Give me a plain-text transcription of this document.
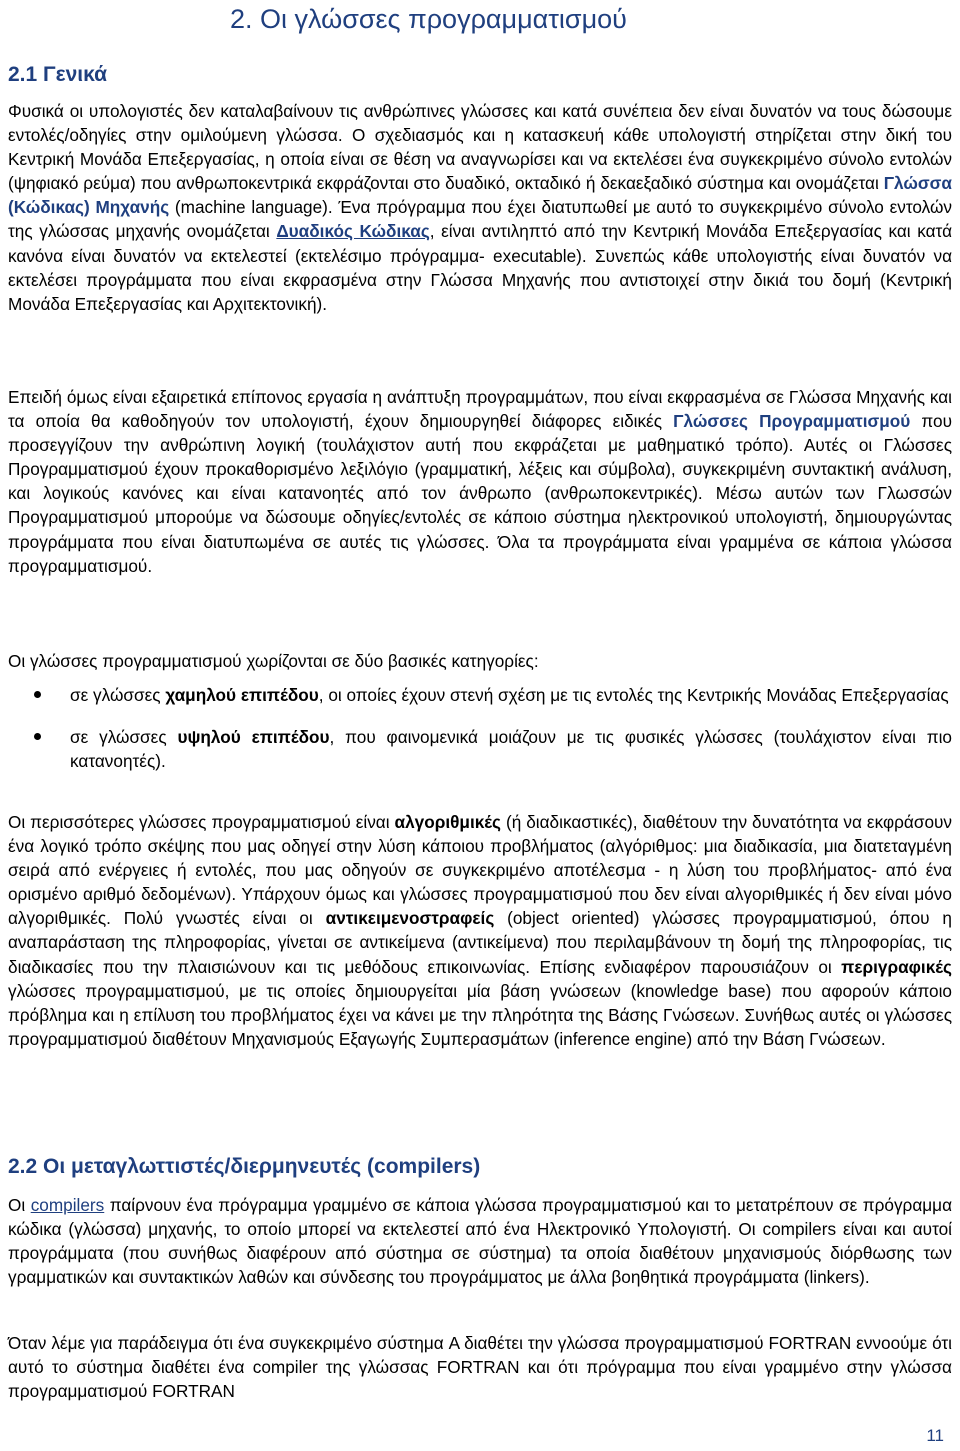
2. Οι γλώσσες προγραμματισμού
2.1 Γενικά

Φυσικά οι υπολογιστές δεν καταλαβαίνουν τις ανθρώπινες γλώσσες και κατά συνέπεια δεν είναι δυνατόν να τους δώσουμε εντολές/οδηγίες στην ομιλούμενη γλώσσα. Ο σχεδιασμός και η κατασκευή κάθε υπολογιστή στηρίζεται στην δική του Κεντρική Μονάδα Επεξεργασίας, η οποία είναι σε θέση να αναγνωρίσει και να εκτελέσει ένα συγκεκριμένο σύνολο εντολών (ψηφιακό ρεύμα) που ανθρωποκεντρικά εκφράζονται στο δυαδικό, οκταδικό ή δεκαεξαδικό σύστημα και ονομάζεται Γλώσσα (Κώδικας) Μηχανής (machine language). Ένα πρόγραμμα που έχει διατυπωθεί με αυτό το συγκεκριμένο σύνολο εντολών της γλώσσας μηχανής ονομάζεται Δυαδικός Κώδικας, είναι αντιληπτό από την Κεντρική Μονάδα Επεξεργασίας και κατά κανόνα είναι δυνατόν να εκτελεστεί (εκτελέσιμο πρόγραμμα- executable). Συνεπώς κάθε υπολογιστής είναι δυνατόν να εκτελέσει προγράμματα που είναι εκφρασμένα στην Γλώσσα Μηχανής που αντιστοιχεί στην δικιά του δομή (Κεντρική Μονάδα Επεξεργασίας και Αρχιτεκτονική).

Επειδή όμως είναι εξαιρετικά επίπονος εργασία η ανάπτυξη προγραμμάτων, που είναι εκφρασμένα σε Γλώσσα Μηχανής και τα οποία θα καθοδηγούν τον υπολογιστή, έχουν δημιουργηθεί διάφορες ειδικές Γλώσσες Προγραμματισμού που προσεγγίζουν την ανθρώπινη λογική (τουλάχιστον αυτή που εκφράζεται με μαθηματικό τρόπο). Αυτές οι Γλώσσες Προγραμματισμού έχουν προκαθορισμένο λεξιλόγιο (γραμματική, λέξεις και σύμβολα), συγκεκριμένη συντακτική ανάλυση, και λογικούς κανόνες και είναι κατανοητές από τον άνθρωπο (ανθρωποκεντρικές). Μέσω αυτών των Γλωσσών Προγραμματισμού μπορούμε να δώσουμε οδηγίες/εντολές σε κάποιο σύστημα ηλεκτρονικού υπολογιστή, δημιουργώντας προγράμματα που είναι διατυπωμένα σε αυτές τις γλώσσες. Όλα τα προγράμματα είναι γραμμένα σε κάποια γλώσσα προγραμματισμού.

Οι γλώσσες προγραμματισμού χωρίζονται σε δύο βασικές κατηγορίες:

σε γλώσσες χαμηλού επιπέδου, οι οποίες έχουν στενή σχέση με τις εντολές της Κεντρικής Μονάδας Επεξεργασίας
σε γλώσσες υψηλού επιπέδου, που φαινομενικά μοιάζουν με τις φυσικές γλώσσες (τουλάχιστον είναι πιο κατανοητές).

Οι περισσότερες γλώσσες προγραμματισμού είναι αλγοριθμικές (ή διαδικαστικές), διαθέτουν την δυνατότητα να εκφράσουν ένα λογικό τρόπο σκέψης που μας οδηγεί στην λύση κάποιου προβλήματος (αλγόριθμος: μια διαδικασία, μια διατεταγμένη σειρά από ενέργειες ή εντολές, που μας οδηγούν σε συγκεκριμένο αποτέλεσμα - η λύση του προβλήματος- από ένα ορισμένο αριθμό δεδομένων). Υπάρχουν όμως και γλώσσες προγραμματισμού που δεν είναι αλγοριθμικές ή δεν είναι μόνο αλγοριθμικές. Πολύ γνωστές είναι οι αντικειμενοστραφείς (object oriented) γλώσσες προγραμματισμού, όπου η αναπαράσταση της πληροφορίας, γίνεται σε αντικείμενα (αντικείμενα) που περιλαμβάνουν τη δομή της πληροφορίας, τις διαδικασίες που την πλαισιώνουν και τις μεθόδους επικοινωνίας. Επίσης ενδιαφέρον παρουσιάζουν οι περιγραφικές γλώσσες προγραμματισμού, με τις οποίες δημιουργείται μία βάση γνώσεων (knowledge base) που αφορούν κάποιο πρόβλημα και η επίλυση του προβλήματος έχει να κάνει με την πληρότητα της Βάσης Γνώσεων. Συνήθως αυτές οι γλώσσες προγραμματισμού διαθέτουν Μηχανισμούς Εξαγωγής Συμπερασμάτων (inference engine) από την Βάση Γνώσεων.

2.2 Οι μεταγλωττιστές/διερμηνευτές (compilers)

Οι compilers παίρνουν ένα πρόγραμμα γραμμένο σε κάποια γλώσσα προγραμματισμού και το μετατρέπουν σε πρόγραμμα κώδικα (γλώσσα) μηχανής, το οποίο μπορεί να εκτελεστεί από ένα Ηλεκτρονικό Υπολογιστή. Οι compilers είναι και αυτοί προγράμματα (που συνήθως διαφέρουν από σύστημα σε σύστημα) τα οποία διαθέτουν μηχανισμούς διόρθωσης των γραμματικών και συντακτικών λαθών και σύνδεσης του προγράμματος με άλλα βοηθητικά προγράμματα (linkers).

Όταν λέμε για παράδειγμα ότι ένα συγκεκριμένο σύστημα A διαθέτει την γλώσσα προγραμματισμού FORTRAN εννοούμε ότι αυτό το σύστημα διαθέτει ένα compiler της γλώσσας FORTRAN και ότι πρόγραμμα που είναι γραμμένο στην γλώσσα προγραμματισμού FORTRAN

11
